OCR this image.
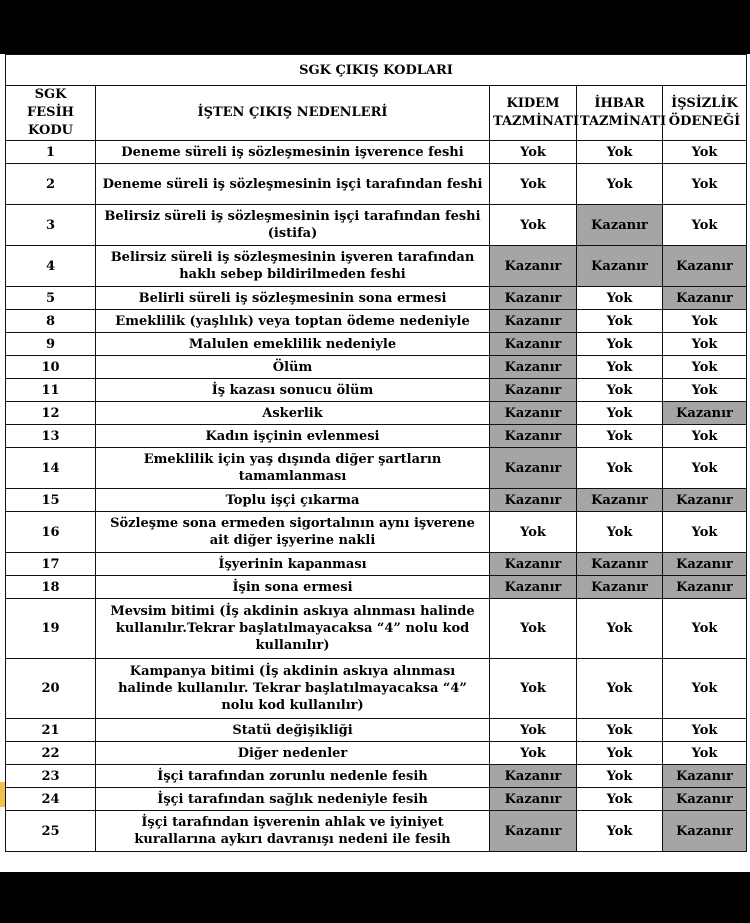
SGK ÇIKIŞ KODLARI				
SGK FESİH KODU	İŞTEN ÇIKIŞ NEDENLERİ	KIDEM TAZMİNATI	İHBAR TAZMİNATI	İŞSİZLİK ÖDENEĞİ
1	Deneme süreli iş sözleşmesinin işverence feshi	Yok	Yok	Yok
2	Deneme süreli iş sözleşmesinin işçi tarafından feshi	Yok	Yok	Yok
3	Belirsiz süreli iş sözleşmesinin işçi tarafından feshi (istifa)	Yok	Kazanır	Yok
4	Belirsiz süreli iş sözleşmesinin işveren tarafından haklı sebep bildirilmeden feshi	Kazanır	Kazanır	Kazanır
5	Belirli süreli iş sözleşmesinin sona ermesi	Kazanır	Yok	Kazanır
8	Emeklilik (yaşlılık) veya toptan ödeme nedeniyle	Kazanır	Yok	Yok
9	Malulen emeklilik nedeniyle	Kazanır	Yok	Yok
10	Ölüm	Kazanır	Yok	Yok
11	İş kazası sonucu ölüm	Kazanır	Yok	Yok
12	Askerlik	Kazanır	Yok	Kazanır
13	Kadın işçinin evlenmesi	Kazanır	Yok	Yok
14	Emeklilik için yaş dışında diğer şartların tamamlanması	Kazanır	Yok	Yok
15	Toplu işçi çıkarma	Kazanır	Kazanır	Kazanır
16	Sözleşme sona ermeden sigortalının aynı işverene ait diğer işyerine nakli	Yok	Yok	Yok
17	İşyerinin kapanması	Kazanır	Kazanır	Kazanır
18	İşin sona ermesi	Kazanır	Kazanır	Kazanır
19	Mevsim bitimi (İş akdinin askıya alınması halinde kullanılır.Tekrar başlatılmayacaksa “4” nolu kod kullanılır)	Yok	Yok	Yok
20	Kampanya bitimi (İş akdinin askıya alınması halinde kullanılır. Tekrar başlatılmayacaksa “4” nolu kod kullanılır)	Yok	Yok	Yok
21	Statü değişikliği	Yok	Yok	Yok
22	Diğer nedenler	Yok	Yok	Yok
23	İşçi tarafından zorunlu nedenle fesih	Kazanır	Yok	Kazanır
24	İşçi tarafından sağlık nedeniyle fesih	Kazanır	Yok	Kazanır
25	İşçi tarafından işverenin ahlak ve iyiniyet kurallarına aykırı davranışı nedeni ile fesih	Kazanır	Yok	Kazanır
